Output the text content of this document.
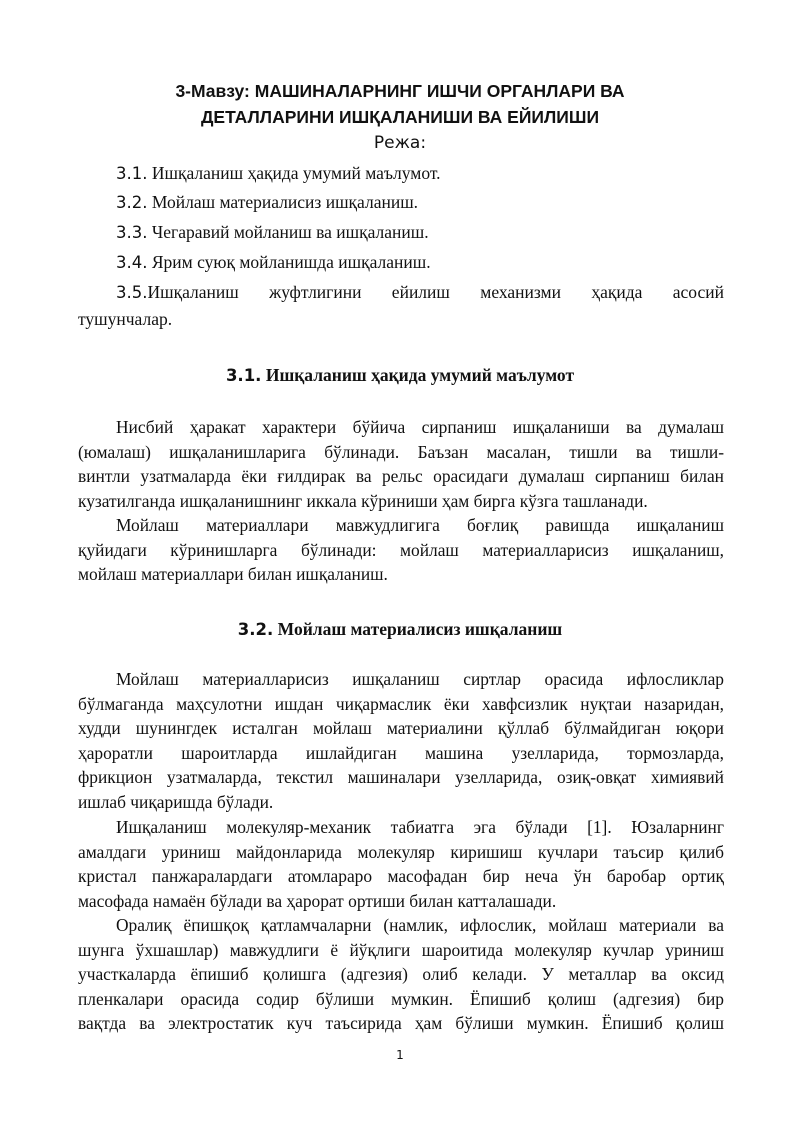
3-Мавзу: МАШИНАЛАРНИНГ ИШЧИ ОРГАНЛАРИ ВА
ДЕТАЛЛАРИНИ ИШҚАЛАНИШИ ВА ЕЙИЛИШИ
Режа:
3.1. Ишқаланиш ҳақида умумий маълумот.
3.2. Мойлаш материалисиз ишқаланиш.
3.3. Чегаравий мойланиш ва ишқаланиш.
3.4. Ярим суюқ мойланишда ишқаланиш.
3.5.Ишқаланиш жуфтлигини ейилиш механизми ҳақида асосий
тушунчалар.
3.1. Ишқаланиш ҳақида умумий маълумот
Нисбий ҳаракат характери бўйича сирпаниш ишқаланиши ва думалаш
(юмалаш) ишқаланишларига бўлинади. Баъзан масалан, тишли ва тишли-
винтли узатмаларда ёки ғилдирак ва рельс орасидаги думалаш сирпаниш билан
кузатилганда ишқаланишнинг иккала кўриниши ҳам бирга кўзга ташланади.
Мойлаш материаллари мавжудлигига боғлиқ равишда ишқаланиш
қуйидаги кўринишларга бўлинади: мойлаш материалларисиз ишқаланиш,
мойлаш материаллари билан ишқаланиш.
3.2. Мойлаш материалисиз ишқаланиш
Мойлаш материалларисиз ишқаланиш сиртлар орасида ифлосликлар
бўлмаганда маҳсулотни ишдан чиқармаслик ёки хавфсизлик нуқтаи назаридан,
худди шунингдек исталган мойлаш материалини қўллаб бўлмайдиган юқори
ҳароратли шароитларда ишлайдиган машина узелларида, тормозларда,
фрикцион узатмаларда, текстил машиналари узелларида, озиқ-овқат химиявий
ишлаб чиқаришда бўлади.
Ишқаланиш молекуляр-механик табиатга эга бўлади [1]. Юзаларнинг
амалдаги уриниш майдонларида молекуляр киришиш кучлари таъсир қилиб
кристал панжаралардаги атомлараро масофадан бир неча ўн баробар ортиқ
масофада намаён бўлади ва ҳарорат ортиши билан катталашади.
Оралиқ ёпишқоқ қатламчаларни (намлик, ифлослик, мойлаш материали ва
шунга ўхшашлар) мавжудлиги ё йўқлиги шароитида молекуляр кучлар уриниш
участкаларда ёпишиб қолишга (адгезия) олиб келади. У металлар ва оксид
пленкалари орасида содир бўлиши мумкин. Ёпишиб қолиш (адгезия) бир
вақтда ва электростатик куч таъсирида ҳам бўлиши мумкин. Ёпишиб қолиш
1
